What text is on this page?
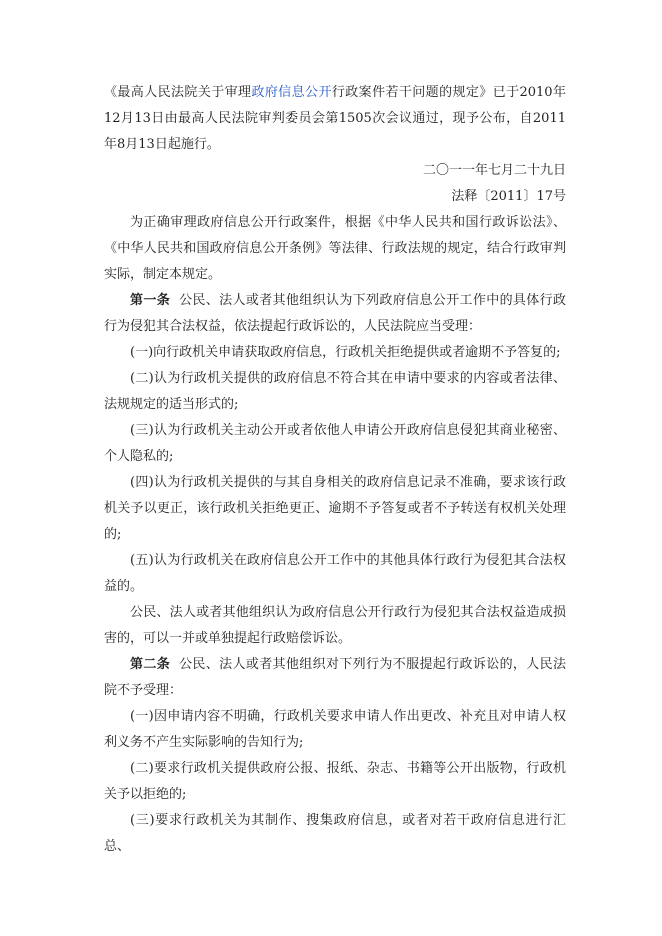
《最高人民法院关于审理政府信息公开行政案件若干问题的规定》已于2010年12月13日由最高人民法院审判委员会第1505次会议通过，现予公布，自2011年8月13日起施行。

二〇一一年七月二十九日

法释〔2011〕17号

为正确审理政府信息公开行政案件，根据《中华人民共和国行政诉讼法》、《中华人民共和国政府信息公开条例》等法律、行政法规的规定，结合行政审判实际，制定本规定。

第一条 公民、法人或者其他组织认为下列政府信息公开工作中的具体行政行为侵犯其合法权益，依法提起行政诉讼的，人民法院应当受理：

(一)向行政机关申请获取政府信息，行政机关拒绝提供或者逾期不予答复的;

(二)认为行政机关提供的政府信息不符合其在申请中要求的内容或者法律、法规规定的适当形式的;

(三)认为行政机关主动公开或者依他人申请公开政府信息侵犯其商业秘密、个人隐私的;

(四)认为行政机关提供的与其自身相关的政府信息记录不准确，要求该行政机关予以更正，该行政机关拒绝更正、逾期不予答复或者不予转送有权机关处理的;

(五)认为行政机关在政府信息公开工作中的其他具体行政行为侵犯其合法权益的。

公民、法人或者其他组织认为政府信息公开行政行为侵犯其合法权益造成损害的，可以一并或单独提起行政赔偿诉讼。

第二条 公民、法人或者其他组织对下列行为不服提起行政诉讼的，人民法院不予受理：

(一)因申请内容不明确，行政机关要求申请人作出更改、补充且对申请人权利义务不产生实际影响的告知行为;

(二)要求行政机关提供政府公报、报纸、杂志、书籍等公开出版物，行政机关予以拒绝的;

(三)要求行政机关为其制作、搜集政府信息，或者对若干政府信息进行汇总、
